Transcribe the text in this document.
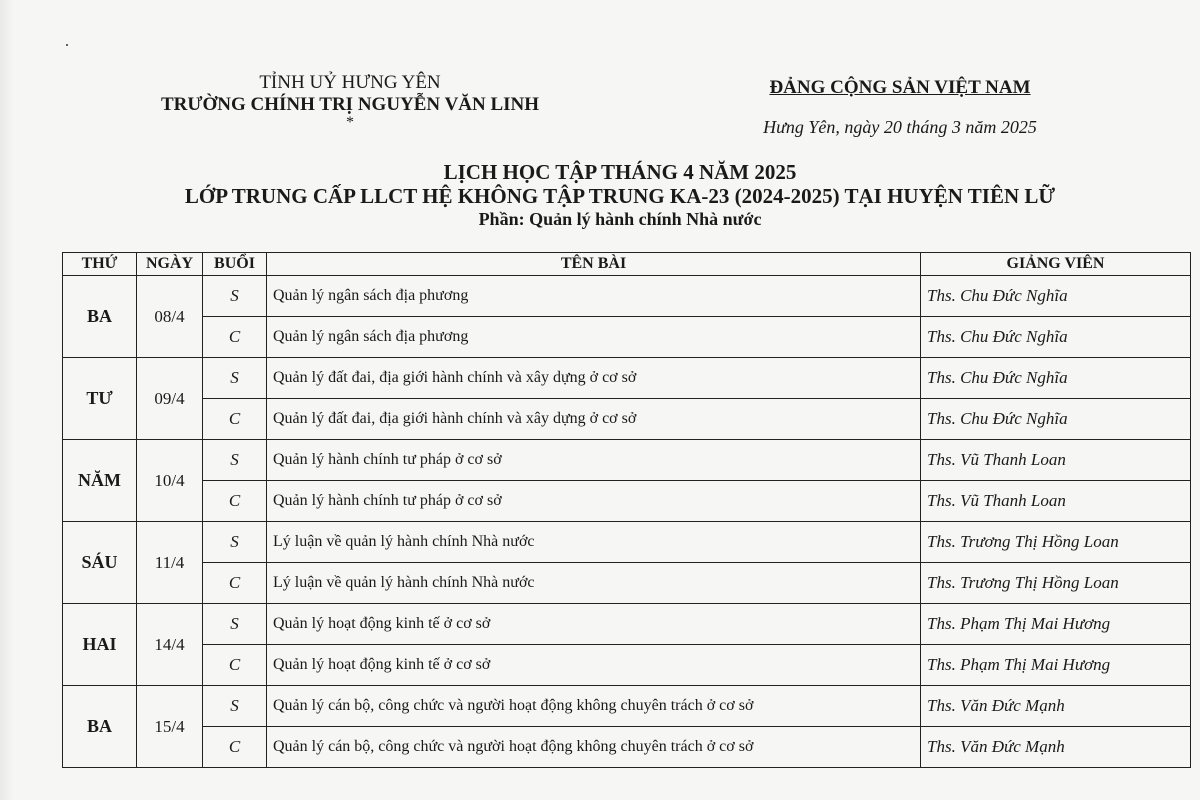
TỈNH UỶ HƯNG YÊN
TRƯỜNG CHÍNH TRỊ NGUYỄN VĂN LINH
*
ĐẢNG CỘNG SẢN VIỆT NAM
Hưng Yên, ngày 20 tháng 3 năm 2025
LỊCH HỌC TẬP THÁNG 4 NĂM 2025
LỚP TRUNG CẤP LLCT HỆ KHÔNG TẬP TRUNG KA-23 (2024-2025) TẠI HUYỆN TIÊN LỮ
Phần: Quản lý hành chính Nhà nước
THỨ	NGÀY	BUỔI	TÊN BÀI	GIẢNG VIÊN
BA	08/4	S	Quản lý ngân sách địa phương	Ths. Chu Đức Nghĩa
		C	Quản lý ngân sách địa phương	Ths. Chu Đức Nghĩa
TƯ	09/4	S	Quản lý đất đai, địa giới hành chính và xây dựng ở cơ sở	Ths. Chu Đức Nghĩa
		C	Quản lý đất đai, địa giới hành chính và xây dựng ở cơ sở	Ths. Chu Đức Nghĩa
NĂM	10/4	S	Quản lý hành chính tư pháp ở cơ sở	Ths. Vũ Thanh Loan
		C	Quản lý hành chính tư pháp ở cơ sở	Ths. Vũ Thanh Loan
SÁU	11/4	S	Lý luận về quản lý hành chính Nhà nước	Ths. Trương Thị Hồng Loan
		C	Lý luận về quản lý hành chính Nhà nước	Ths. Trương Thị Hồng Loan
HAI	14/4	S	Quản lý hoạt động kinh tế ở cơ sở	Ths. Phạm Thị Mai Hương
		C	Quản lý hoạt động kinh tế ở cơ sở	Ths. Phạm Thị Mai Hương
BA	15/4	S	Quản lý cán bộ, công chức và người hoạt động không chuyên trách ở cơ sở	Ths. Văn Đức Mạnh
		C	Quản lý cán bộ, công chức và người hoạt động không chuyên trách ở cơ sở	Ths. Văn Đức Mạnh
